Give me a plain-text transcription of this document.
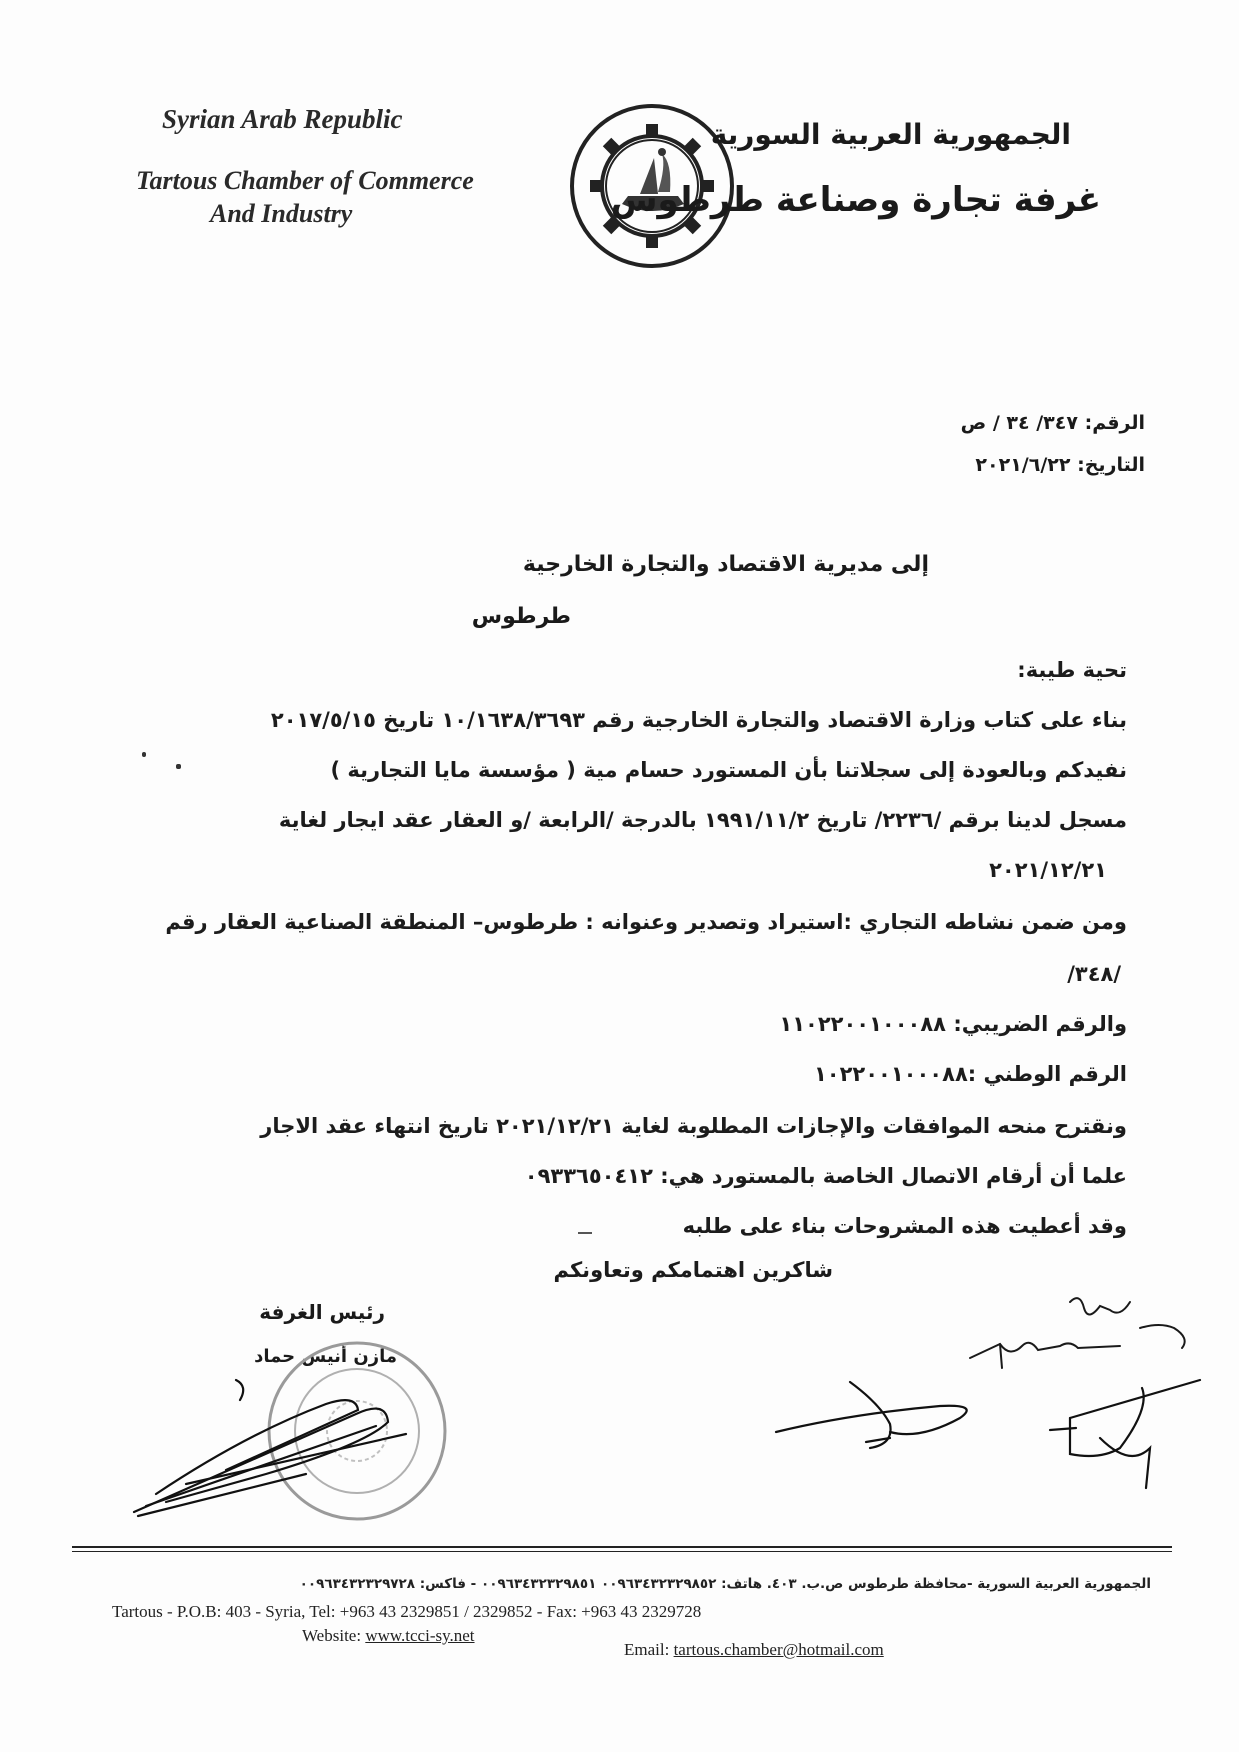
Syrian Arab Republic
Tartous Chamber of Commerce
And Industry
الجمهورية العربية السورية
غرفة تجارة وصناعة طرطوس
الرقم: ٣٤٧/ ٣٤ / ص
التاريخ: ٢٠٢١/٦/٢٢
إلى مديرية الاقتصاد والتجارة الخارجية
طرطوس
تحية طيبة:
بناء على كتاب وزارة الاقتصاد والتجارة الخارجية رقم ١٠/١٦٣٨/٣٦٩٣ تاريخ ٢٠١٧/٥/١٥
نفيدكم وبالعودة إلى سجلاتنا بأن المستورد حسام مية ( مؤسسة مايا التجارية )
مسجل لدينا برقم /٢٢٣٦/ تاريخ ١٩٩١/١١/٢ بالدرجة /الرابعة /و العقار عقد ايجار لغاية
٢٠٢١/١٢/٢١
ومن ضمن نشاطه التجاري :استيراد وتصدير وعنوانه : طرطوس– المنطقة الصناعية العقار رقم
/٣٤٨/
والرقم الضريبي: ١١٠٢٢٠٠١٠٠٠٨٨
الرقم الوطني :١٠٢٢٠٠١٠٠٠٨٨
ونقترح منحه الموافقات والإجازات المطلوبة لغاية ٢٠٢١/١٢/٢١ تاريخ انتهاء عقد الاجار
علما أن أرقام الاتصال الخاصة بالمستورد هي: ٠٩٣٣٦٥٠٤١٢
وقد أعطيت هذه المشروحات بناء على طلبه
شاكرين اهتمامكم وتعاونكم
رئيس الغرفة
مازن أنيس حماد
الجمهورية العربية السورية -محافظة طرطوس ص.ب. ٤٠٣. هاتف: ٠٠٩٦٣٤٣٢٣٢٩٨٥٢ ٠٠٩٦٣٤٣٢٣٢٩٨٥١ - فاكس: ٠٠٩٦٣٤٣٢٣٢٩٧٢٨
Tartous - P.O.B: 403 - Syria, Tel: +963 43 2329851 / 2329852 - Fax: +963 43 2329728
Website: www.tcci-sy.net
Email: tartous.chamber@hotmail.com
